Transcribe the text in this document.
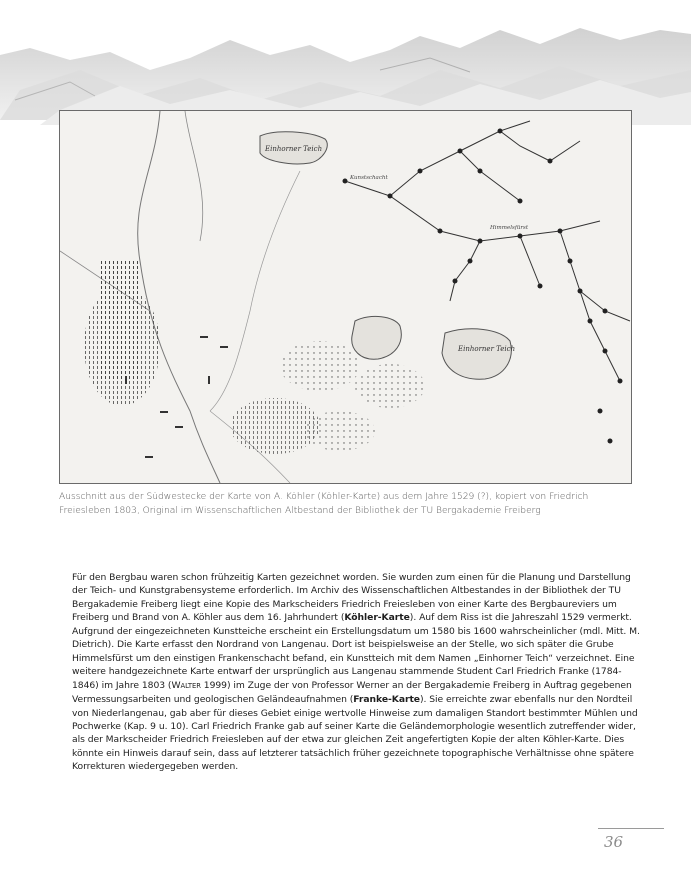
Einhorner Teich
Einhorner Teich
Kunstschacht
Himmelsfürst
Ausschnitt aus der Südwestecke der Karte von A. Köhler (Köhler-Karte) aus dem Jahre 1529 (?), kopiert von Friedrich Freiesleben 1803, Original im Wissenschaftlichen Altbestand der Bibliothek der TU Bergakademie Freiberg

Für den Bergbau waren schon frühzeitig Karten gezeichnet worden. Sie wurden zum einen für die Planung und Darstellung der Teich- und Kunstgrabensysteme erforderlich. Im Archiv des Wissenschaftlichen Altbestandes in der Bibliothek der TU Bergakademie Freiberg liegt eine Kopie des Markscheiders Friedrich Freiesleben von einer Karte des Bergbaureviers um Freiberg und Brand von A. Köhler aus dem 16. Jahrhundert (Köhler-Karte). Auf dem Riss ist die Jahreszahl 1529 vermerkt. Aufgrund der eingezeichneten Kunstteiche erscheint ein Erstellungsdatum um 1580 bis 1600 wahrscheinlicher (mdl. Mitt. M. Dietrich). Die Karte erfasst den Nordrand von Langenau. Dort ist beispielsweise an der Stelle, wo sich später die Grube Himmelsfürst um den einstigen Frankenschacht befand, ein Kunstteich mit dem Namen „Einhorner Teich“ verzeichnet. Eine weitere handgezeichnete Karte entwarf der ursprünglich aus Langenau stammende Student Carl Friedrich Franke (1784-1846) im Jahre 1803 (WALTER 1999) im Zuge der von Professor Werner an der Bergakademie Freiberg in Auftrag gegebenen Vermessungsarbeiten und geologischen Geländeaufnahmen (Franke-Karte). Sie erreichte zwar ebenfalls nur den Nordteil von Niederlangenau, gab aber für dieses Gebiet einige wertvolle Hinweise zum damaligen Standort bestimmter Mühlen und Pochwerke (Kap. 9 u. 10). Carl Friedrich Franke gab auf seiner Karte die Geländemorphologie wesentlich zutreffender wider, als der Markscheider Friedrich Freiesleben auf der etwa zur gleichen Zeit angefertigten Kopie der alten Köhler-Karte. Dies könnte ein Hinweis darauf sein, dass auf letzterer tatsächlich früher gezeichnete topographische Verhältnisse ohne spätere Korrekturen wiedergegeben werden.

36
